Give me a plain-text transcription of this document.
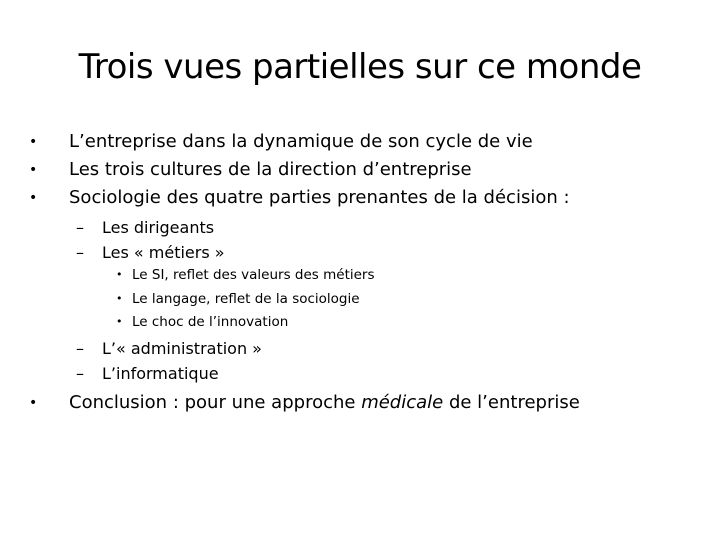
Trois vues partielles sur ce monde
• L’entreprise dans la dynamique de son cycle de vie
• Les trois cultures de la direction d’entreprise
• Sociologie des quatre parties prenantes de la décision :
– Les dirigeants
– Les « métiers »
• Le SI, reflet des valeurs des métiers
• Le langage, reflet de la sociologie
• Le choc de l’innovation
– L’« administration »
– L’informatique
• Conclusion : pour une approche médicale de l’entreprise
